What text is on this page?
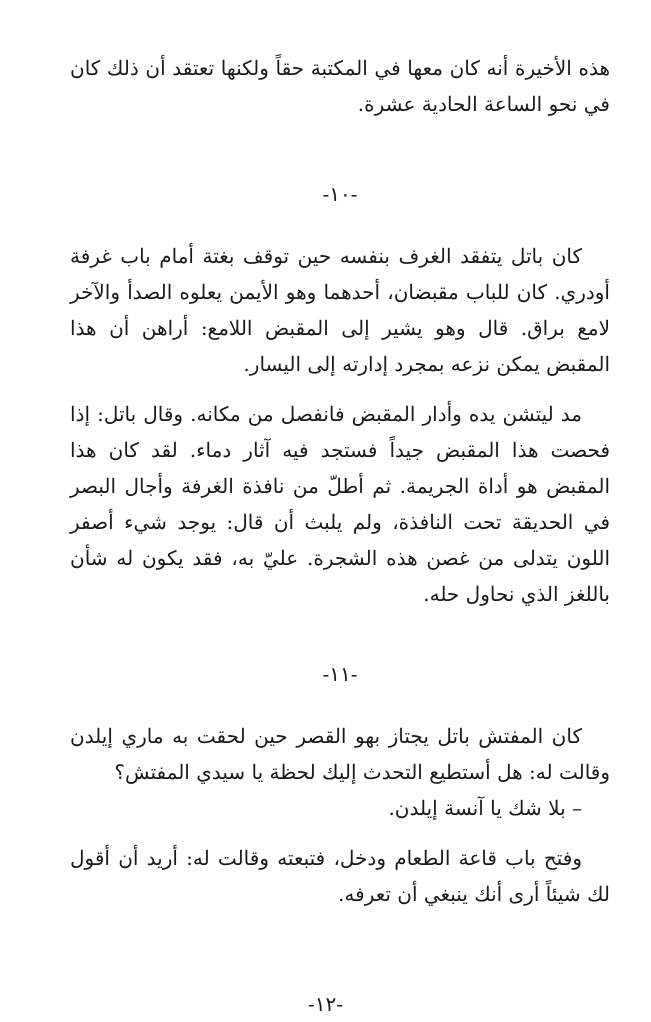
هذه الأخيرة أنه كان معها في المكتبة حقاً ولكنها تعتقد أن ذلك كان في نحو الساعة الحادية عشرة.

-١٠-

كان باتل يتفقد الغرف بنفسه حين توقف بغتة أمام باب غرفة أودري. كان للباب مقبضان، أحدهما وهو الأيمن يعلوه الصدأ والآخر لامع براق. قال وهو يشير إلى المقبض اللامع: أراهن أن هذا المقبض يمكن نزعه بمجرد إدارته إلى اليسار.

مد ليتشن يده وأدار المقبض فانفصل من مكانه. وقال باتل: إذا فحصت هذا المقبض جيداً فستجد فيه آثار دماء. لقد كان هذا المقبض هو أداة الجريمة. ثم أطلّ من نافذة الغرفة وأجال البصر في الحديقة تحت النافذة، ولم يلبث أن قال: يوجد شيء أصفر اللون يتدلى من غصن هذه الشجرة. عليّ به، فقد يكون له شأن باللغز الذي نحاول حله.

-١١-

كان المفتش باتل يجتاز بهو القصر حين لحقت به ماري إيلدن وقالت له: هل أستطيع التحدث إليك لحظة يا سيدي المفتش؟

– بلا شك يا آنسة إيلدن.

وفتح باب قاعة الطعام ودخل، فتبعته وقالت له: أريد أن أقول لك شيئاً أرى أنك ينبغي أن تعرفه.

-١٢-
